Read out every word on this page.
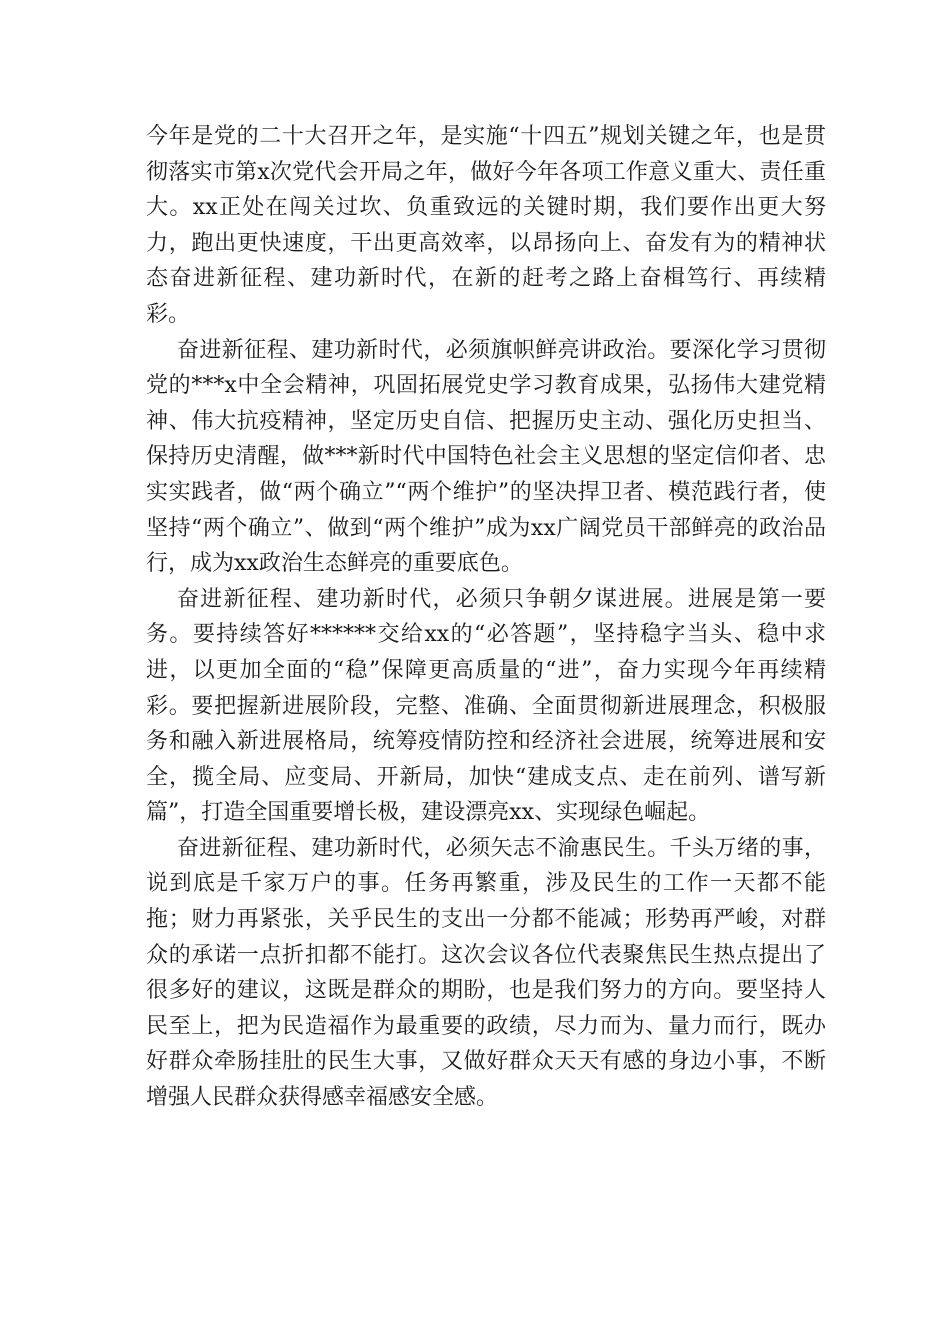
今年是党的二十大召开之年，是实施“十四五”规划关键之年，也是贯彻落实市第x次党代会开局之年，做好今年各项工作意义重大、责任重大。xx正处在闯关过坎、负重致远的关键时期，我们要作出更大努力，跑出更快速度，干出更高效率，以昂扬向上、奋发有为的精神状态奋进新征程、建功新时代，在新的赶考之路上奋楫笃行、再续精彩。

奋进新征程、建功新时代，必须旗帜鲜亮讲政治。要深化学习贯彻党的***x中全会精神，巩固拓展党史学习教育成果，弘扬伟大建党精神、伟大抗疫精神，坚定历史自信、把握历史主动、强化历史担当、保持历史清醒，做***新时代中国特色社会主义思想的坚定信仰者、忠实实践者，做“两个确立”“两个维护”的坚决捍卫者、模范践行者，使坚持“两个确立”、做到“两个维护”成为xx广阔党员干部鲜亮的政治品行，成为xx政治生态鲜亮的重要底色。

奋进新征程、建功新时代，必须只争朝夕谋进展。进展是第一要务。要持续答好******交给xx的“必答题”，坚持稳字当头、稳中求进，以更加全面的“稳”保障更高质量的“进”，奋力实现今年再续精彩。要把握新进展阶段，完整、准确、全面贯彻新进展理念，积极服务和融入新进展格局，统筹疫情防控和经济社会进展，统筹进展和安全，揽全局、应变局、开新局，加快“建成支点、走在前列、谱写新篇”，打造全国重要增长极，建设漂亮xx、实现绿色崛起。

奋进新征程、建功新时代，必须矢志不渝惠民生。千头万绪的事，说到底是千家万户的事。任务再繁重，涉及民生的工作一天都不能拖；财力再紧张，关乎民生的支出一分都不能减；形势再严峻，对群众的承诺一点折扣都不能打。这次会议各位代表聚焦民生热点提出了很多好的建议，这既是群众的期盼，也是我们努力的方向。要坚持人民至上，把为民造福作为最重要的政绩，尽力而为、量力而行，既办好群众牵肠挂肚的民生大事，又做好群众天天有感的身边小事，不断增强人民群众获得感幸福感安全感。
